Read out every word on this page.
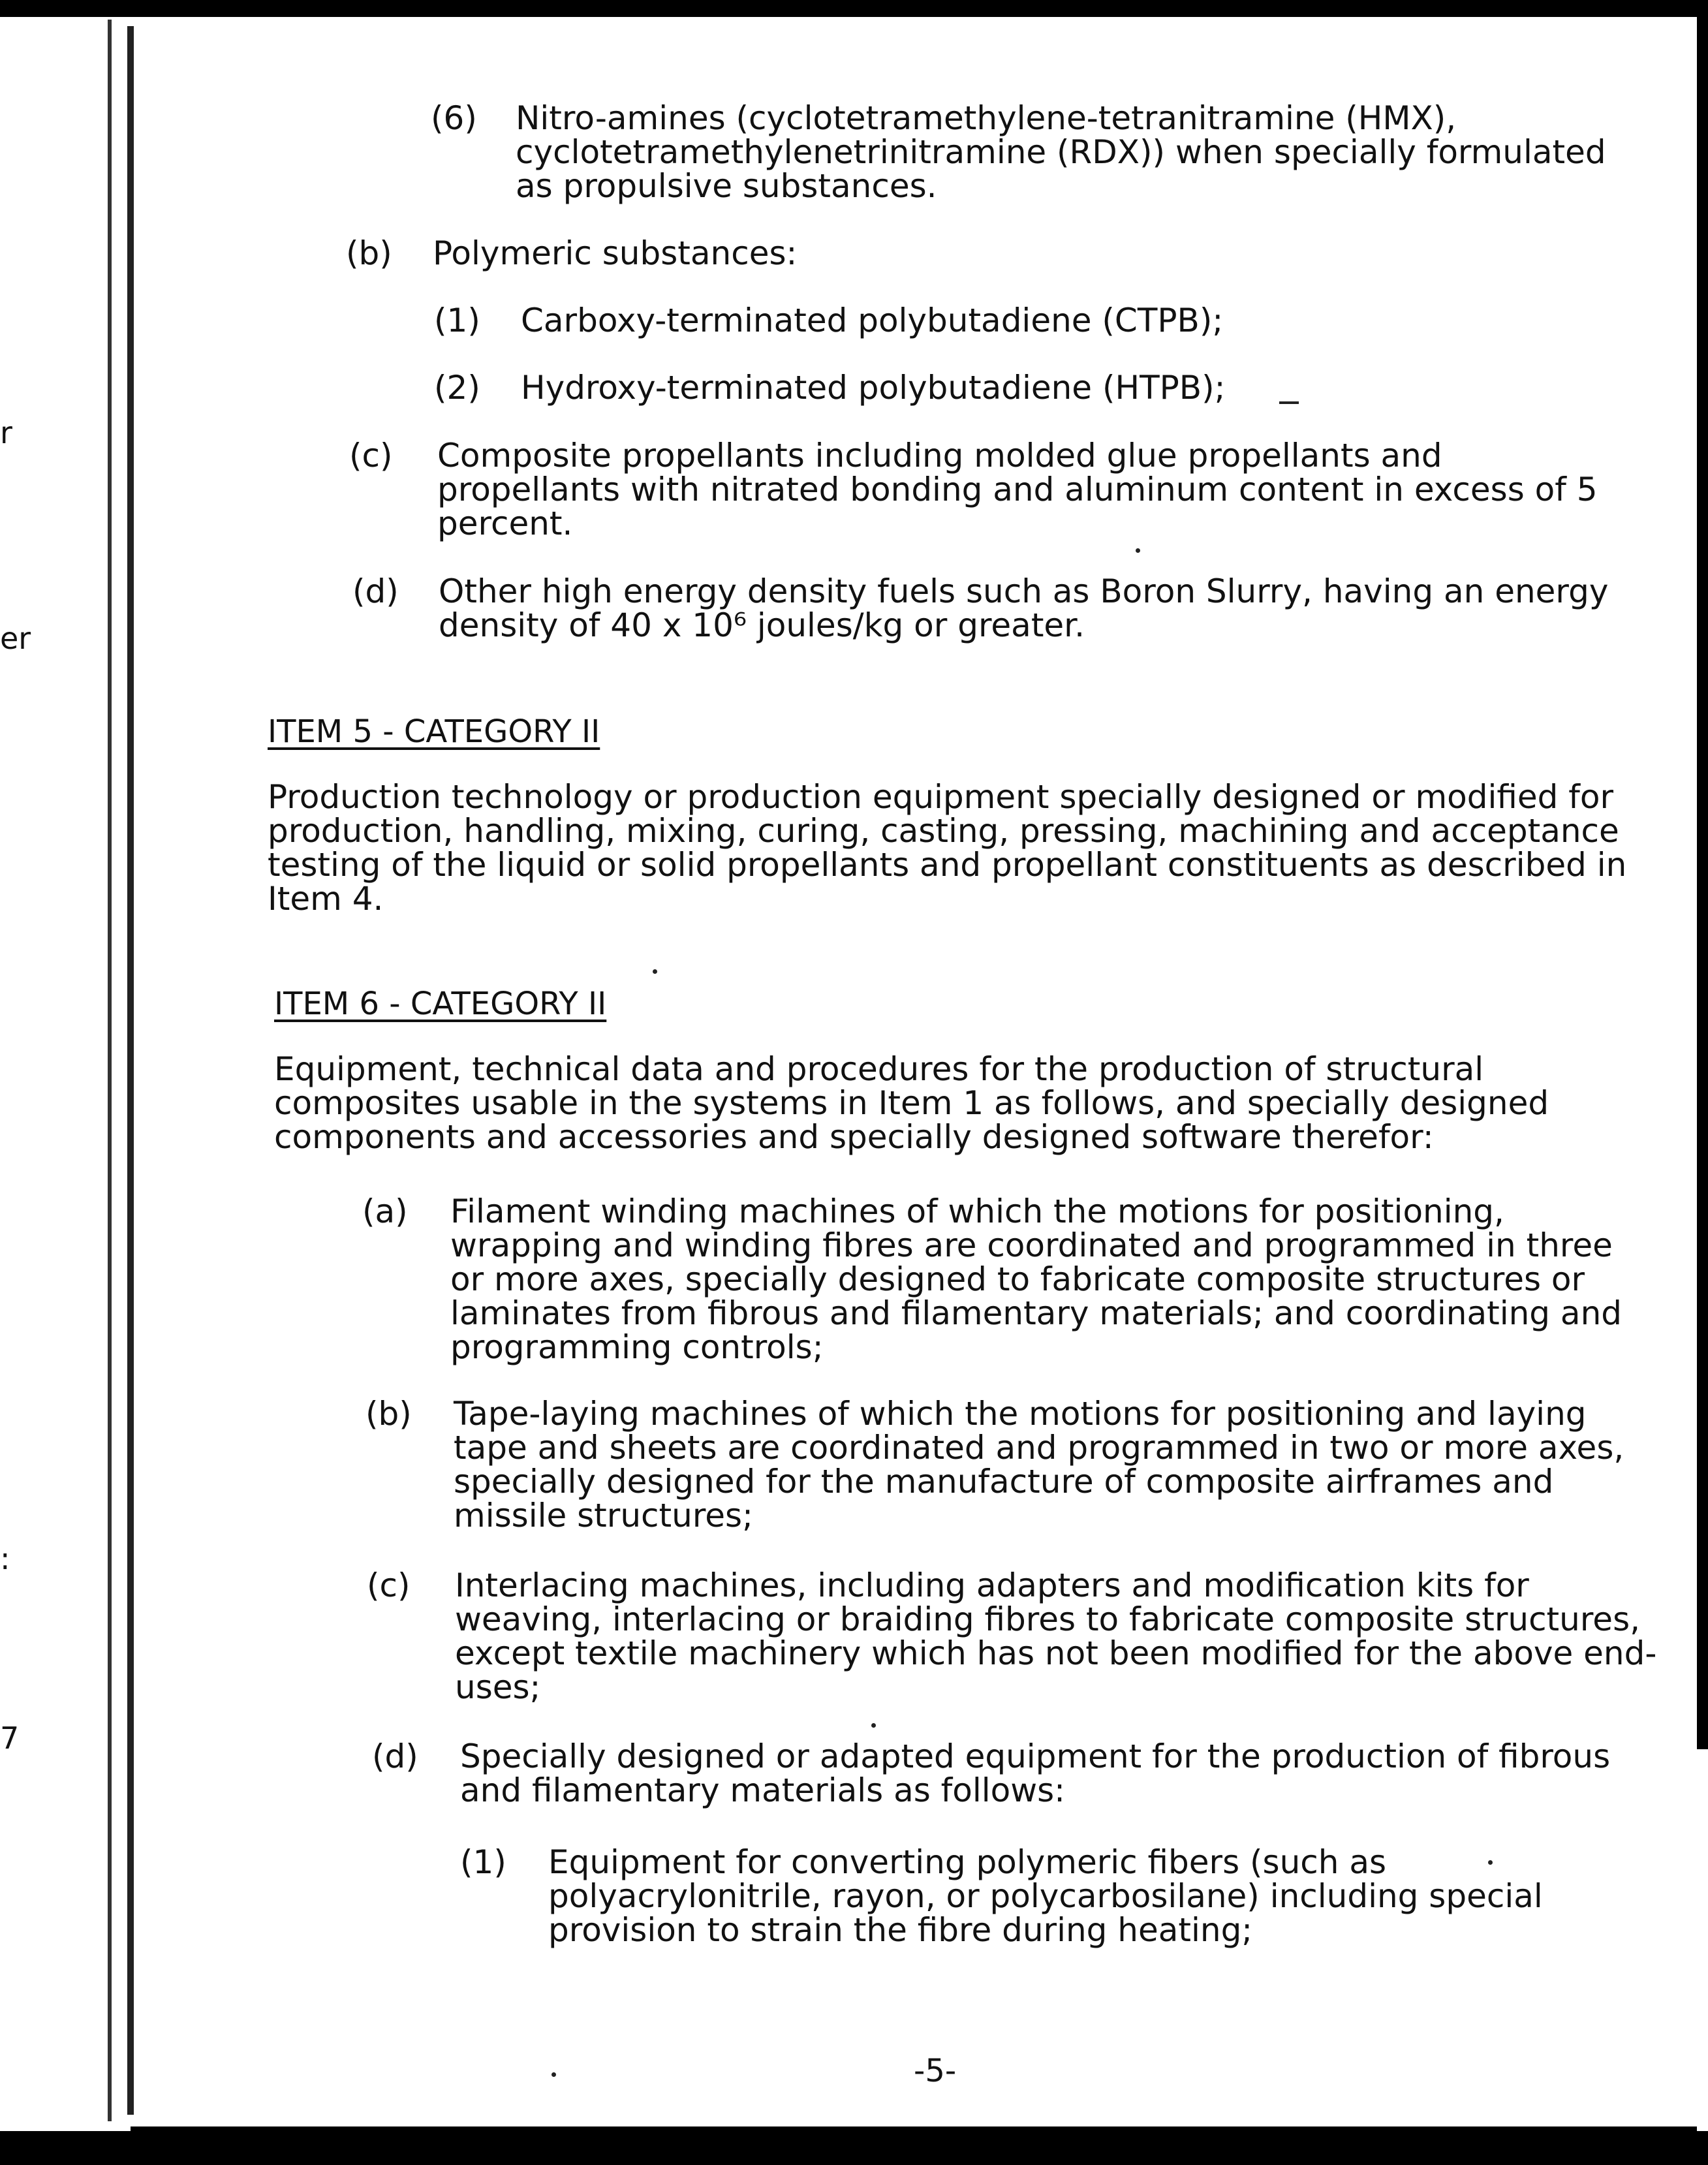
r
er
:
7
(6) Nitro-amines (cyclotetramethylene-tetranitramine (HMX),
cyclotetramethylenetrinitramine (RDX)) when specially formulated
as propulsive substances.
(b) Polymeric substances:
(1) Carboxy-terminated polybutadiene (CTPB);
(2) Hydroxy-terminated polybutadiene (HTPB);
(c) Composite propellants including molded glue propellants and
propellants with nitrated bonding and aluminum content in excess of 5
percent.
(d) Other high energy density fuels such as Boron Slurry, having an energy
density of 40 x 10⁶ joules/kg or greater.
ITEM 5 - CATEGORY II
Production technology or production equipment specially designed or modified for
production, handling, mixing, curing, casting, pressing, machining and acceptance
testing of the liquid or solid propellants and propellant constituents as described in
Item 4.
ITEM 6 - CATEGORY II
Equipment, technical data and procedures for the production of structural
composites usable in the systems in Item 1 as follows, and specially designed
components and accessories and specially designed software therefor:
(a) Filament winding machines of which the motions for positioning,
wrapping and winding fibres are coordinated and programmed in three
or more axes, specially designed to fabricate composite structures or
laminates from fibrous and filamentary materials; and coordinating and
programming controls;
(b) Tape-laying machines of which the motions for positioning and laying
tape and sheets are coordinated and programmed in two or more axes,
specially designed for the manufacture of composite airframes and
missile structures;
(c) Interlacing machines, including adapters and modification kits for
weaving, interlacing or braiding fibres to fabricate composite structures,
except textile machinery which has not been modified for the above end-
uses;
(d) Specially designed or adapted equipment for the production of fibrous
and filamentary materials as follows:
(1) Equipment for converting polymeric fibers (such as
polyacrylonitrile, rayon, or polycarbosilane) including special
provision to strain the fibre during heating;
-5-
